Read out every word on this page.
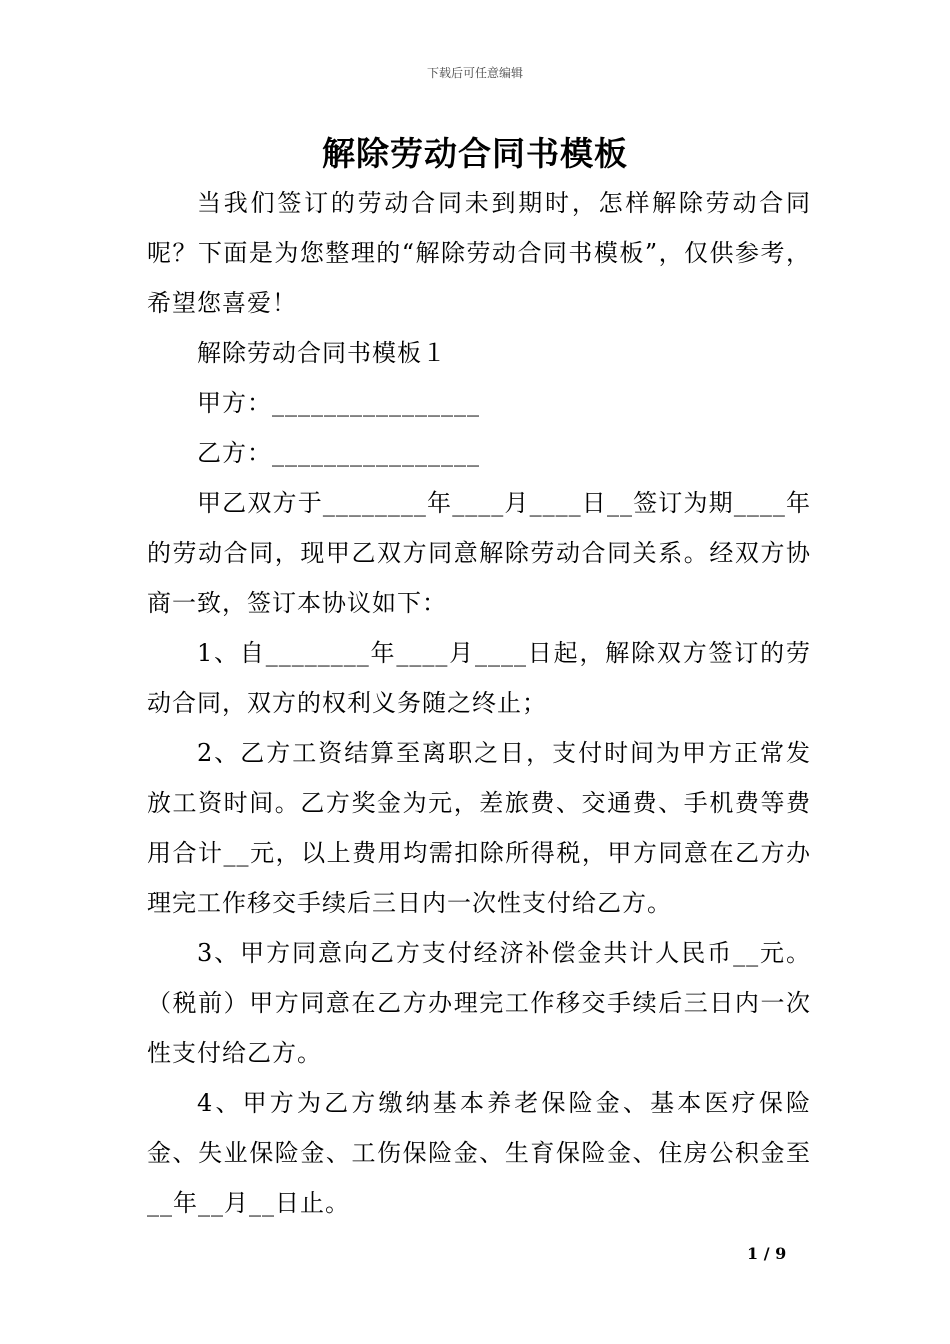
下载后可任意编辑
解除劳动合同书模板

当我们签订的劳动合同未到期时，怎样解除劳动合同呢？下面是为您整理的“解除劳动合同书模板”，仅供参考，希望您喜爱！

解除劳动合同书模板１

甲方：________________

乙方：________________

甲乙双方于________年____月____日__签订为期____年的劳动合同，现甲乙双方同意解除劳动合同关系。经双方协商一致，签订本协议如下：

1、自________年____月____日起，解除双方签订的劳动合同，双方的权利义务随之终止；

2、乙方工资结算至离职之日，支付时间为甲方正常发放工资时间。乙方奖金为元，差旅费、交通费、手机费等费用合计__元，以上费用均需扣除所得税，甲方同意在乙方办理完工作移交手续后三日内一次性支付给乙方。

3、甲方同意向乙方支付经济补偿金共计人民币__元。（税前）甲方同意在乙方办理完工作移交手续后三日内一次性支付给乙方。

4、甲方为乙方缴纳基本养老保险金、基本医疗保险金、失业保险金、工伤保险金、生育保险金、住房公积金至__年__月__日止。

1 / 9
